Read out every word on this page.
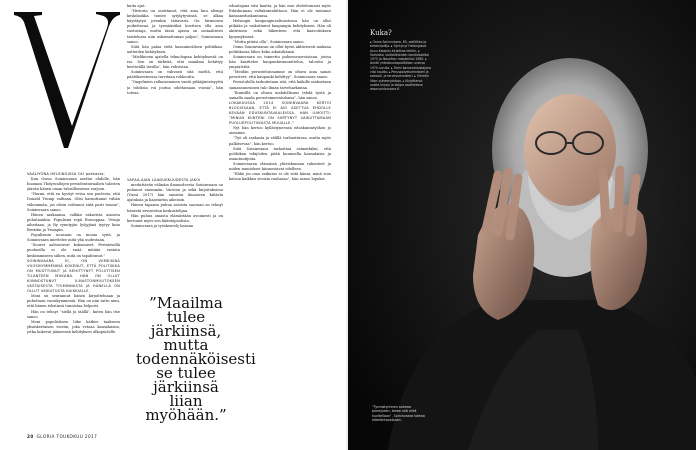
VAALIYÖNÄ HELSINGISSÄ OLI pakkasta.

Kun Osmo Soininvaara asettui ehdolle, hän huomasi Yhdysvaltojen presidentinvaalien tulosten jäävän hänen oman tulosilloisensa varjoon.

”Harmi, että en hyväyt vetoa sen puolesta, että Donald Trump valitaan. Olisi harmittanut vähän vähemmän, jos olisin voittanut siitä parit tonnia”, Soininvaara sanoo.

Hänen mukaansa, valkka vakavista asioista puhutaankin. Populismi repii Eurooppaa. Vesuja aiheitaan, ja Ry rynntyjän lyöjyjänä tyytyy kuin Brexitin ja Trumpin.

Populismin nousuun on monia syitä, ja Soininvaara miettelee niitä yhä uudestaan.

”Suuret aaltoutuvat kokonaiset. Perinteisillä puolueilla ei ole enää mitään vastata keskimmiseen siihen, mitä on tapahtunut.”

SOININVAARA EI, ON VIIMEISINÄ VUOSIKYMMENINÄ KOKENUT, ETTÄ POLITIIKKA ON MUUTTUNUT JA KEHITTYNYT POLIITTISEN TILANTEEN MUKANA. HÄN ON OLLUT KIINNOSTUNUT ILMASTONMUUTOKSEN VASTAISESTA TOIMINNASTA JA HÄNELLÄ ON OLLUT VAIKUTUSTA KAIKKIALLE.

Moni on seurannut hänen kirjoitteluaan ja puhettaan vuosikymmeniä. Hän on niin tuttu nimi, että hänen tekstinsä tunnistaa helposti.

Hän on tehnyt ”siellä ja täällä”, kuten hän itse sanoo.

Moni populistinen liike kätkee taakseen yksinkertaisen viestin, joka vetoaa kansalaisiin, jotka kokevat jääneensä kehityksen ulkopuolelle.

kuitu ajat.

”Historia on osoittanut, että aina kun alempi keskiluokka tuntee syrjäytyvänsä, se alkaa käyttäytyä jotenkin tätiavasti. On hirmuisen poikettavaa ja tyrmääväksi koettava olla aina vastustaja, mutta tässä ajassa on sosiaalisesti taistelussa niin uskomattoman paljon”, Soininvaara sanoo.

Siitä hän palaa vielä kansainvälisen politiikan, aatteiden kehityksen.

”Mielikuvan ajatella teknologian kehityksestä on iso. Sen on tärkeää, että maailma kehittyy kestävällä tavalla”, hän vahvistaa.

Soininvaara on vahvasti sitä mieltä, että päätöksenteossa tarvitaan rohkeutta.

”Ongelmien ratkaiseminen vaatii pitkäjänteisyyttä ja tuloksia voi joutua odottamaan vuosia”, hän toteaa.

VAPAA-AJAN LAADUKKUUDESTA JAKOI

merkittävän välinäin ilmausdeesta Soininvaara on puhunut enemmän. Vaeston ja sekä kirjoituksissa (Vuosi 2017) hän onnistui ilmaiseen kiitäviä ajatuksia ja haastaviin aiheisiin.

Hänen tapansa puhua asioista suoraan on tehnyt hänestä arvostetun keskustelijan.

Hän puhuu omasta elämästään avoimesti ja on kertonut myös sen kääntöpuolista.

Soininvaara ja työskentely kansan

”Maailma tulee järkiinsä, mutta todennäköisesti se tulee järkiinsä liian myöhään.”

eduntajana viisi kautta, ja hän osui ehdottomasti myös Eduskunnan valtakuntaliittoon. Hän ei ole mutanut kansaneduskuntansa.

Helsingin kaupunginvaltuustossa hän on ollut pitkään ja vaikuttanut kaupungin kehitykseen. Hän oli aktiivinen sekä liikenteen että kaavoituksen kysymyksissä.

”Mutta pitäisi olla”, Soininvaara sanoo.

Osmo Soininvaaran on ollut hyvin aktiivisesti mukana politiikassa lähes koko aikuisikänsä.

Soininvaara on tunnettu puheenvuoroistaan, joissa hän käsittelee kaupunkisuunnittelua, taloutta ja ympäristöä.

”Meidän perusteluissamme on oltava aina samat perusteet, että kaupunki kehittyy”, Soininvaara sanoo.

Perustulolla tarkoitetaan sitä, että kaikille maksetaan samansuuruinen tulo ilman tarveharkintaa.

”Ihmisillä on oltava mahdollisuus tehdä työtä ja samalla saada perustoimeentulonsa”, hän sanoo.

LOKAKUUSSA 2014 SOININVAARA KERTOI BLOGISSAAN, ETTÄ EI AIO ASETTUA EHDOLLE KEVÄÄN EDUSKUNTAVAALEISSA. HÄN ILMOITTI: ”MINUN KIINTENI ON SIIRTYNYT VAIKUTTAMAAN PUOLUEPOLITIIKASTA MUUALLE.”

Nyt hän kertoo kyllästyneensä eduskuntatyöhön jo aiemmin.

”Työ oli raskasta ja välillä turhauttavaa, mutta myös palkitsevaa”, hän kertoo.

Siitä Soininvaara tarkoittaa esimerkiksi, että politiikan tekijöiden pitää kuunnella kansalaisia ja asiantuntijoita.

Soininvaaran elämässä yhteiskunnan rakenteet ja niiden muutokset kiinnostavat edelleen.

”Ehkä jos oma vaikutus ei ole siitä kiinni, minä voin katsoa kaikkea sivusta rauhassa”, hän sanoo lopuksi.

20 GLORIA TOUKOKUU 2017
Kuka?
▸ Osmo Soininvaara, 69, poliitikko ja tietokirjailija. ▸ Syntynyt Helsingissä. Asuu Kalajoki-kirjoittaa lehtiin. ▸ Valmistui valtiotieteiden kandidaatiksi 1975 ja filosofian maisteriksi 1980. ▸ Aloitti yhteiskuntapoliittisen uransa 1970-luvulla. ▸ Toimi kansanedustajana viisi kautta. ▸ Peruspalveluministeri ja sosiaali- ja terveysministeri. ▸ Vihreän liiton puheenjohtaja. ▸ Kirjoittanut useita kirjoja ja blogia osoitteessa www.soininvaara.fi.
”Tyrmistyminen aukeaa pimeyteen, tekee sitä mitä kuvitellaan”, Soininvaara toteaa elämäntavastaan.
